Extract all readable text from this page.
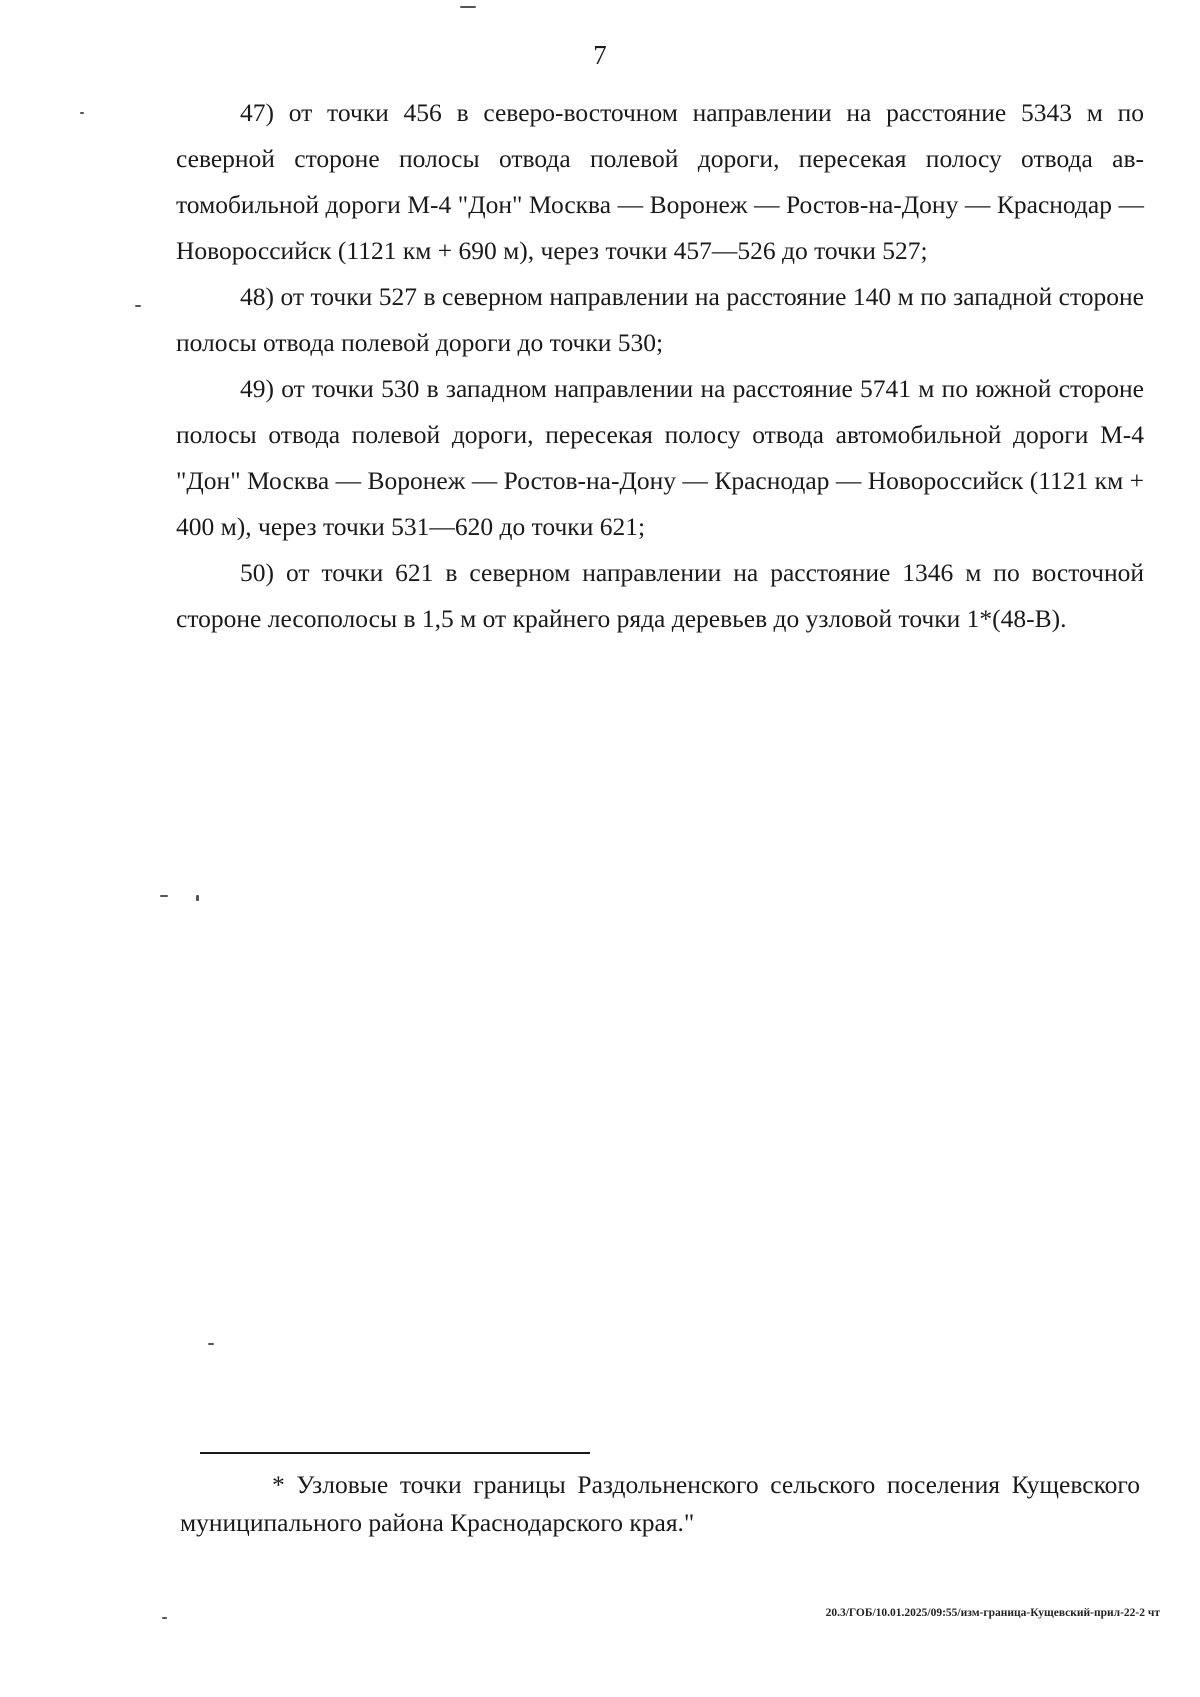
7

47) от точки 456 в северо-восточном направлении на расстояние 5343 м по северной стороне полосы отвода полевой дороги, пересекая полосу отвода автомобильной дороги М-4 "Дон" Москва — Воронеж — Ростов-на-Дону — Краснодар — Новороссийск (1121 км + 690 м), через точки 457—526 до точки 527;

48) от точки 527 в северном направлении на расстояние 140 м по западной стороне полосы отвода полевой дороги до точки 530;

49) от точки 530 в западном направлении на расстояние 5741 м по южной стороне полосы отвода полевой дороги, пересекая полосу отвода автомобильной дороги М-4 "Дон" Москва — Воронеж — Ростов-на-Дону — Краснодар — Новороссийск (1121 км + 400 м), через точки 531—620 до точки 621;

50) от точки 621 в северном направлении на расстояние 1346 м по восточной стороне лесополосы в 1,5 м от крайнего ряда деревьев до узловой точки 1*(48-В).

* Узловые точки границы Раздольненского сельского поселения Кущевского муниципального района Краснодарского края."

20.3/ГОБ/10.01.2025/09:55/изм-граница-Кущевский-прил-22-2 чт
